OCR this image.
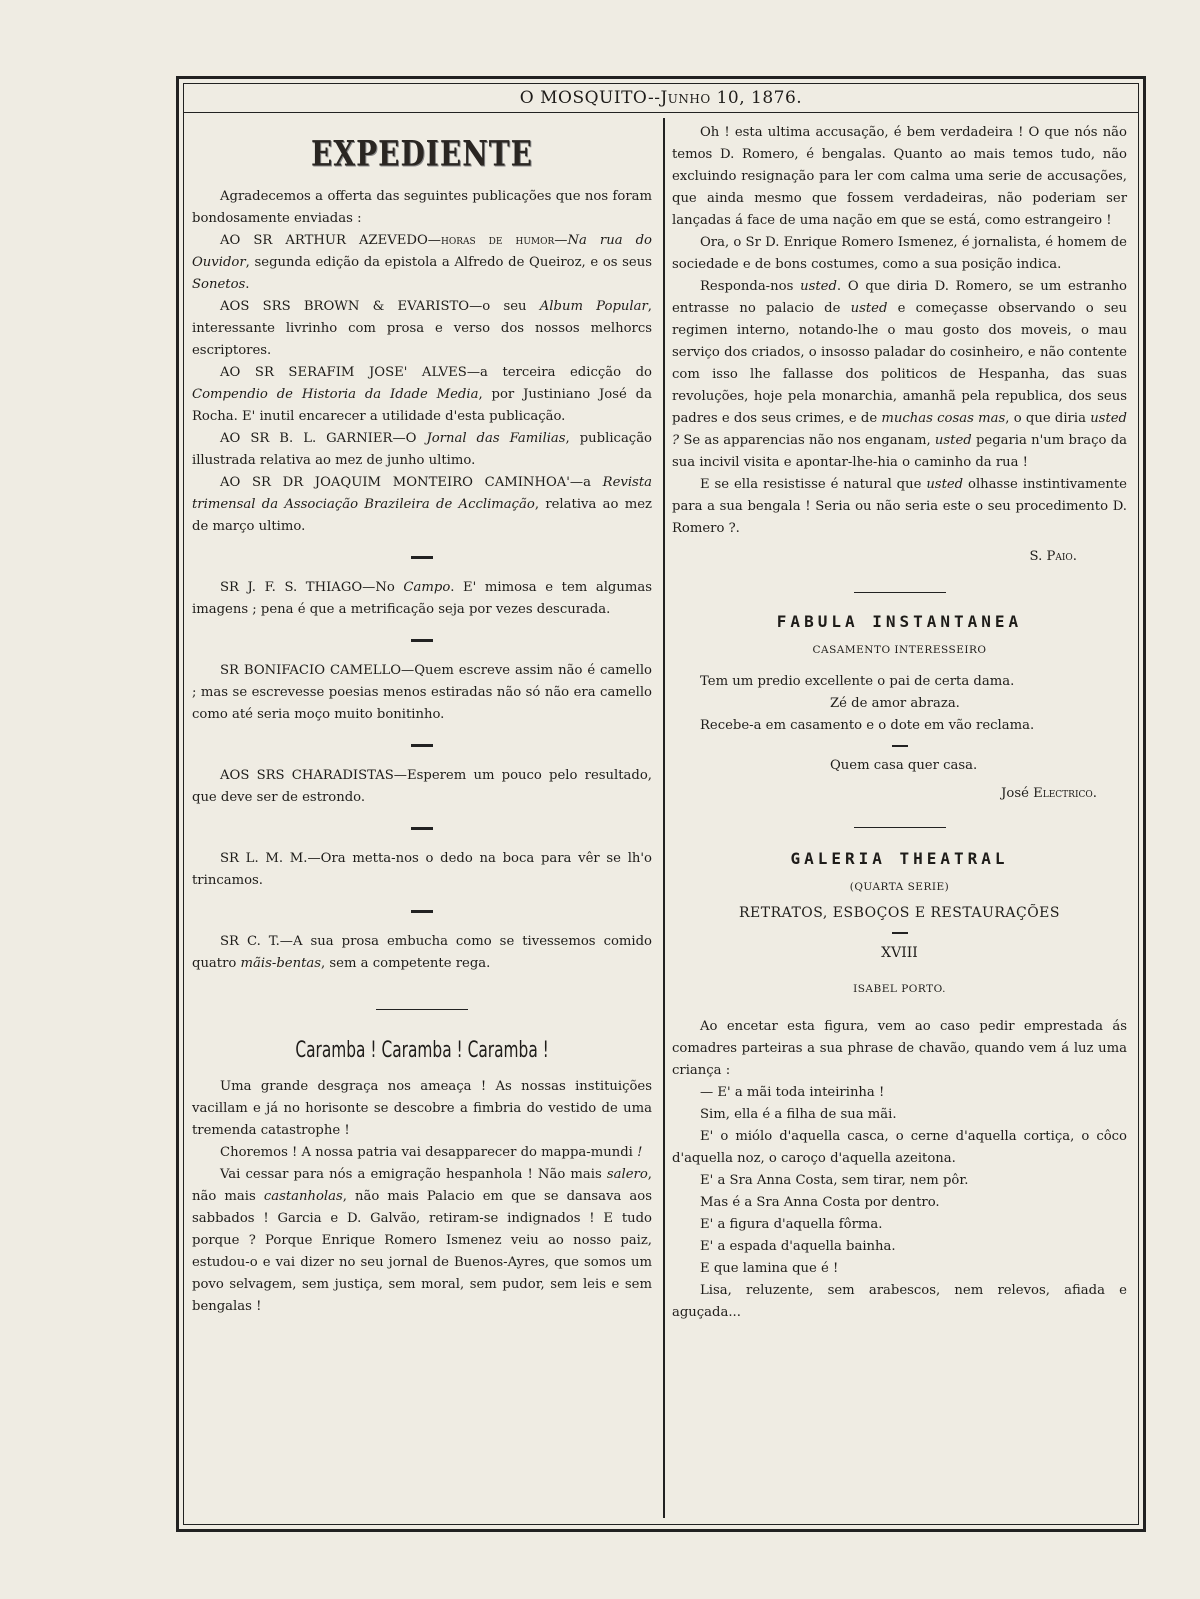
O MOSQUITO--Junho 10, 1876.
EXPEDIENTE

Agradecemos a offerta das seguintes publicações que nos foram bondosamente enviadas :

AO SR ARTHUR AZEVEDO—horas de humor—Na rua do Ouvidor, segunda edição da epistola a Alfredo de Queiroz, e os seus Sonetos.

AOS SRS BROWN & EVARISTO—o seu Album Popular, interessante livrinho com prosa e verso dos nossos melhorcs escriptores.

AO SR SERAFIM JOSE' ALVES—a terceira edicção do Compendio de Historia da Idade Media, por Justiniano José da Rocha. E' inutil encarecer a utilidade d'esta publicação.

AO SR B. L. GARNIER—O Jornal das Familias, publicação illustrada relativa ao mez de junho ultimo.

AO SR DR JOAQUIM MONTEIRO CAMINHOA'—a Revista trimensal da Associação Brazileira de Acclimação, relativa ao mez de março ultimo.

SR J. F. S. THIAGO—No Campo. E' mimosa e tem algumas imagens ; pena é que a metrificação seja por vezes descurada.

SR BONIFACIO CAMELLO—Quem escreve assim não é camello ; mas se escrevesse poesias menos estiradas não só não era camello como até seria moço muito bonitinho.

AOS SRS CHARADISTAS—Esperem um pouco pelo resultado, que deve ser de estrondo.

SR L. M. M.—Ora metta-nos o dedo na boca para vêr se lh'o trincamos.

SR C. T.—A sua prosa embucha como se tivessemos comido quatro mãis-bentas, sem a competente rega.

Caramba ! Caramba ! Caramba !

Uma grande desgraça nos ameaça ! As nossas instituições vacillam e já no horisonte se descobre a fimbria do vestido de uma tremenda catastrophe !

Choremos ! A nossa patria vai desapparecer do mappa-mundi !

Vai cessar para nós a emigração hespanhola ! Não mais salero, não mais castanholas, não mais Palacio em que se dansava aos sabbados ! Garcia e D. Galvão, retiram-se indignados ! E tudo porque ? Porque Enrique Romero Ismenez veiu ao nosso paiz, estudou-o e vai dizer no seu jornal de Buenos-Ayres, que somos um povo selvagem, sem justiça, sem moral, sem pudor, sem leis e sem bengalas !

Oh ! esta ultima accusação, é bem verdadeira ! O que nós não temos D. Romero, é bengalas. Quanto ao mais temos tudo, não excluindo resignação para ler com calma uma serie de accusações, que ainda mesmo que fossem verdadeiras, não poderiam ser lançadas á face de uma nação em que se está, como estrangeiro !

Ora, o Sr D. Enrique Romero Ismenez, é jornalista, é homem de sociedade e de bons costumes, como a sua posição indica.

Responda-nos usted. O que diria D. Romero, se um estranho entrasse no palacio de usted e começasse observando o seu regimen interno, notando-lhe o mau gosto dos moveis, o mau serviço dos criados, o insosso paladar do cosinheiro, e não contente com isso lhe fallasse dos politicos de Hespanha, das suas revoluções, hoje pela monarchia, amanhã pela republica, dos seus padres e dos seus crimes, e de muchas cosas mas, o que diria usted ? Se as apparencias não nos enganam, usted pegaria n'um braço da sua incivil visita e apontar-lhe-hia o caminho da rua !

E se ella resistisse é natural que usted olhasse instintivamente para a sua bengala ! Seria ou não seria este o seu procedimento D. Romero ?.

S. Paio.

FABULA INSTANTANEA
CASAMENTO INTERESSEIRO

Tem um predio excellente o pai de certa dama.

Zé de amor abraza.

Recebe-a em casamento e o dote em vão reclama.

Quem casa quer casa.

José Electrico.

GALERIA THEATRAL
(QUARTA SERIE)

RETRATOS, ESBOÇOS E RESTAURAÇÕES

XVIII

ISABEL PORTO.

Ao encetar esta figura, vem ao caso pedir emprestada ás comadres parteiras a sua phrase de chavão, quando vem á luz uma criança :

— E' a mãi toda inteirinha !

Sim, ella é a filha de sua mãi.

E' o miólo d'aquella casca, o cerne d'aquella cortiça, o côco d'aquella noz, o caroço d'aquella azeitona.

E' a Sra Anna Costa, sem tirar, nem pôr.

Mas é a Sra Anna Costa por dentro.

E' a figura d'aquella fôrma.

E' a espada d'aquella bainha.

E que lamina que é !

Lisa, reluzente, sem arabescos, nem relevos, afiada e aguçada...
